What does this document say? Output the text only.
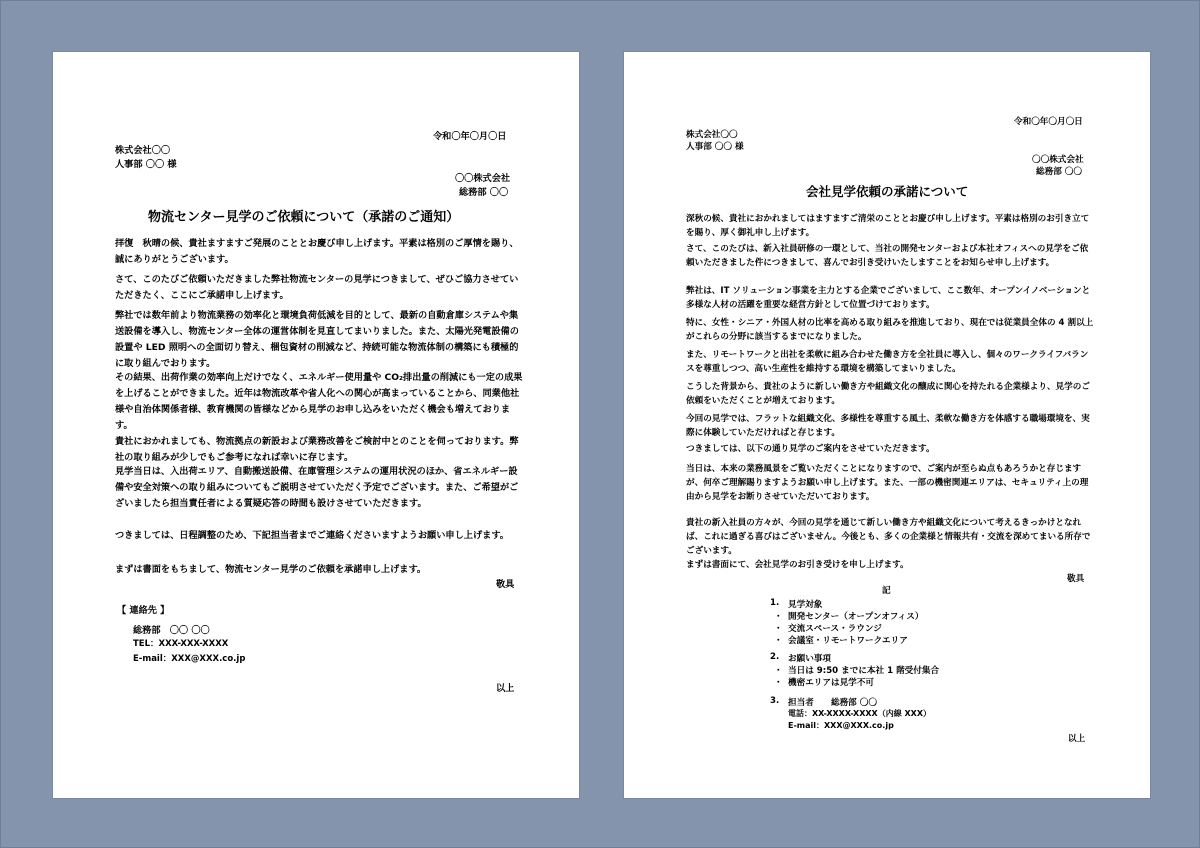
令和〇年〇月〇日
株式会社〇〇
人事部 〇〇 様
〇〇株式会社
総務部 〇〇
物流センター見学のご依頼について（承諾のご通知）
拝復　秋晴の候、貴社ますますご発展のこととお慶び申し上げます。平素は格別のご厚情を賜り、誠にありがとうございます。
さて、このたびご依頼いただきました弊社物流センターの見学につきまして、ぜひご協力させていただきたく、ここにご承諾申し上げます。
弊社では数年前より物流業務の効率化と環境負荷低減を目的として、最新の自動倉庫システムや集送設備を導入し、物流センター全体の運営体制を見直してまいりました。また、太陽光発電設備の設置や LED 照明への全面切り替え、梱包資材の削減など、持続可能な物流体制の構築にも積極的に取り組んでおります。
その結果、出荷作業の効率向上だけでなく、エネルギー使用量や CO₂排出量の削減にも一定の成果を上げることができました。近年は物流改革や省人化への関心が高まっていることから、同業他社様や自治体関係者様、教育機関の皆様などから見学のお申し込みをいただく機会も増えております。
貴社におかれましても、物流拠点の新設および業務改善をご検討中とのことを伺っております。弊社の取り組みが少しでもご参考になれば幸いに存じます。
見学当日は、入出荷エリア、自動搬送設備、在庫管理システムの運用状況のほか、省エネルギー設備や安全対策への取り組みについてもご説明させていただく予定でございます。また、ご希望がございましたら担当責任者による質疑応答の時間も設けさせていただきます。
つきましては、日程調整のため、下記担当者までご連絡くださいますようお願い申し上げます。
まずは書面をもちまして、物流センター見学のご依頼を承諾申し上げます。
敬具
【 連絡先 】
総務部　〇〇 〇〇
TEL：XXX-XXX-XXXX
E-mail：XXX@XXX.co.jp
以上
令和〇年〇月〇日
株式会社〇〇
人事部 〇〇 様
〇〇株式会社
総務部 〇〇
会社見学依頼の承諾について
深秋の候、貴社におかれましてはますますご清栄のこととお慶び申し上げます。平素は格別のお引き立てを賜り、厚く御礼申し上げます。
さて、このたびは、新入社員研修の一環として、当社の開発センターおよび本社オフィスへの見学をご依頼いただきました件につきまして、喜んでお引き受けいたしますことをお知らせ申し上げます。
弊社は、IT ソリューション事業を主力とする企業でございまして、ここ数年、オープンイノベーションと多様な人材の活躍を重要な経営方針として位置づけております。
特に、女性・シニア・外国人材の比率を高める取り組みを推進しており、現在では従業員全体の 4 割以上がこれらの分野に該当するまでになりました。
また、リモートワークと出社を柔軟に組み合わせた働き方を全社員に導入し、個々のワークライフバランスを尊重しつつ、高い生産性を維持する環境を構築してまいりました。
こうした背景から、貴社のように新しい働き方や組織文化の醸成に関心を持たれる企業様より、見学のご依頼をいただくことが増えております。
今回の見学では、フラットな組織文化、多様性を尊重する風土、柔軟な働き方を体感する職場環境を、実際に体験していただければと存じます。
つきましては、以下の通り見学のご案内をさせていただきます。
当日は、本来の業務風景をご覧いただくことになりますので、ご案内が至らぬ点もあろうかと存じますが、何卒ご理解賜りますようお願い申し上げます。また、一部の機密関連エリアは、セキュリティ上の理由から見学をお断りさせていただいております。
貴社の新入社員の方々が、今回の見学を通じて新しい働き方や組織文化について考えるきっかけとなれば、これに過ぎる喜びはございません。今後とも、多くの企業様と情報共有・交流を深めてまいる所存でございます。
まずは書面にて、会社見学のお引き受けを申し上げます。
敬具
記
1. 見学対象
・ 開発センター（オープンオフィス）
・ 交流スペース・ラウンジ
・ 会議室・リモートワークエリア
2. お願い事項
・ 当日は 9:50 までに本社 1 階受付集合
・ 機密エリアは見学不可
3. 担当者　　総務部 〇〇
電話：XX-XXXX-XXXX（内線 XXX）
E-mail：XXX@XXX.co.jp
以上
